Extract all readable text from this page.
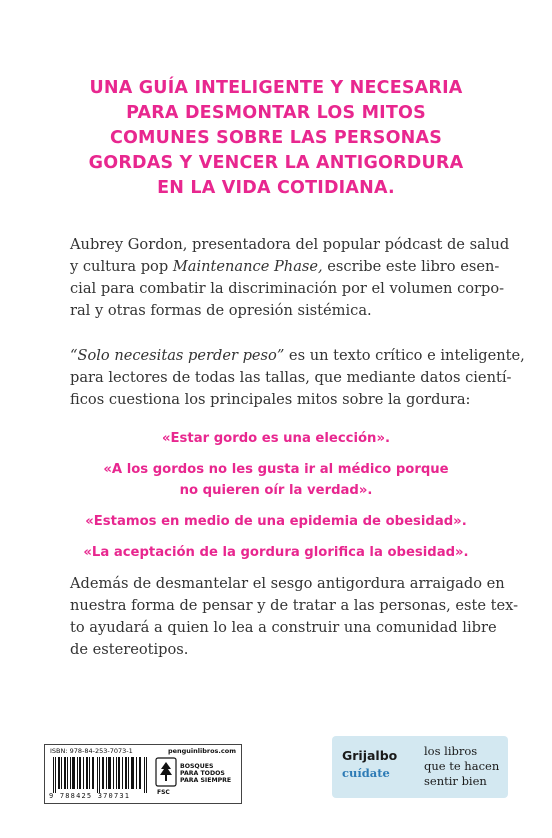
UNA GUÍA INTELIGENTE Y NECESARIA
PARA DESMONTAR LOS MITOS
COMUNES SOBRE LAS PERSONAS
GORDAS Y VENCER LA ANTIGORDURA
EN LA VIDA COTIDIANA.
Aubrey Gordon, presentadora del popular pódcast de salud
y cultura pop Maintenance Phase, escribe este libro esen-
cial para combatir la discriminación por el volumen corpo-
ral y otras formas de opresión sistémica.
“Solo necesitas perder peso” es un texto crítico e inteligente,
para lectores de todas las tallas, que mediante datos cientí-
ficos cuestiona los principales mitos sobre la gordura:
«Estar gordo es una elección».
«A los gordos no les gusta ir al médico porque
no quieren oír la verdad».
«Estamos en medio de una epidemia de obesidad».
«La aceptación de la gordura glorifica la obesidad».
Además de desmantelar el sesgo antigordura arraigado en
nuestra forma de pensar y de tratar a las personas, este tex-
to ayudará a quien lo lea a construir una comunidad libre
de estereotipos.
ISBN: 978-84-253-7073-1	penguinlibros.com
9 788425 370731	FSC
BOSQUES
PARA TODOS
PARA SIEMPRE
Grijalbo
cuídate
los libros
que te hacen
sentir bien
